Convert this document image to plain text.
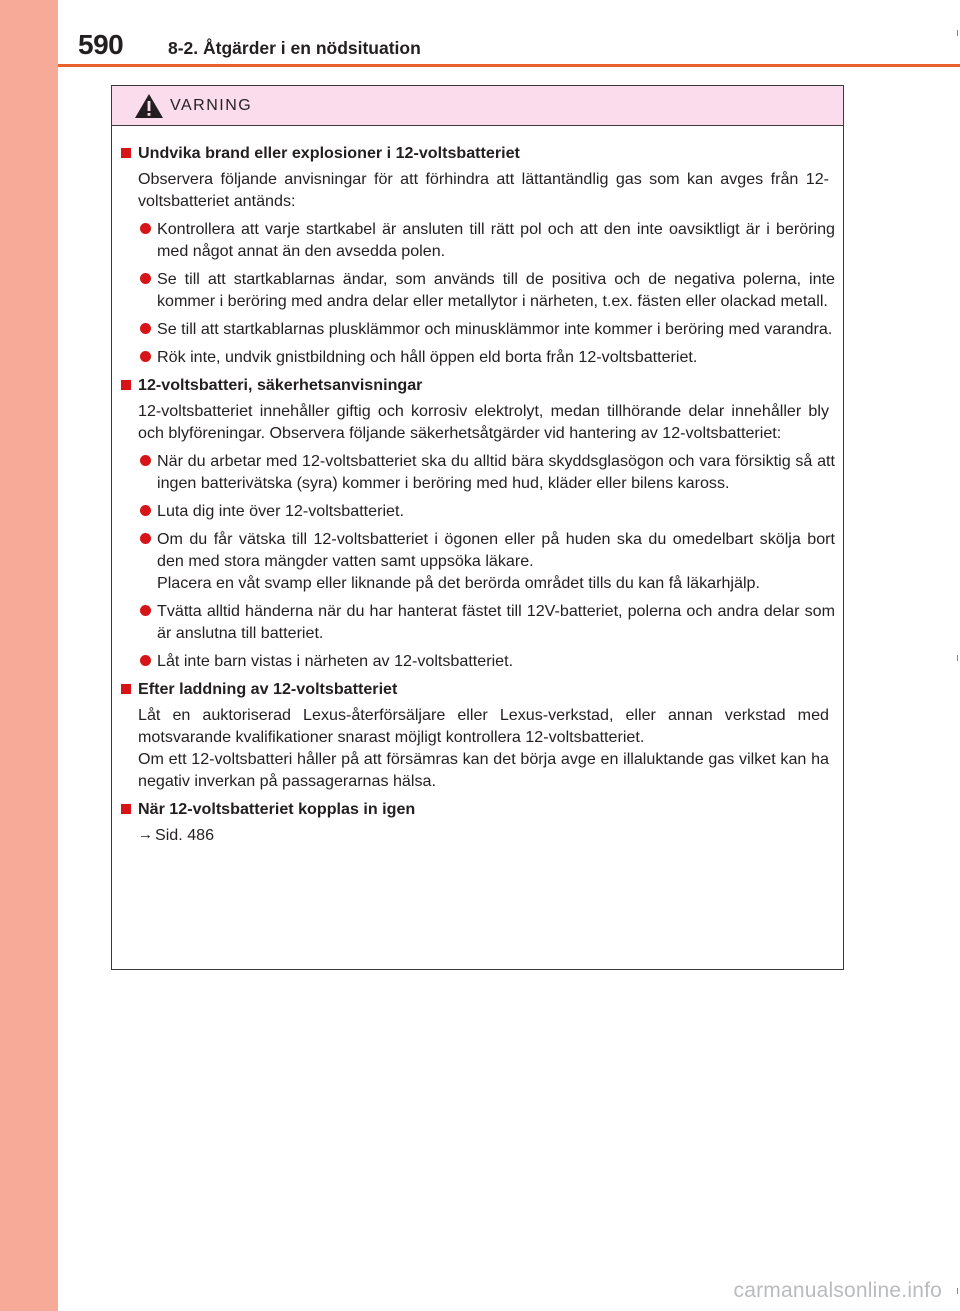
590	8-2. Åtgärder i en nödsituation
VARNING
Undvika brand eller explosioner i 12-voltsbatteriet
Observera följande anvisningar för att förhindra att lättantändlig gas som kan avges från 12-voltsbatteriet antänds:
Kontrollera att varje startkabel är ansluten till rätt pol och att den inte oavsiktligt är i beröring med något annat än den avsedda polen.
Se till att startkablarnas ändar, som används till de positiva och de negativa polerna, inte kommer i beröring med andra delar eller metallytor i närheten, t.ex. fästen eller olackad metall.
Se till att startkablarnas plusklämmor och minusklämmor inte kommer i beröring med varandra.
Rök inte, undvik gnistbildning och håll öppen eld borta från 12-voltsbatteriet.
12-voltsbatteri, säkerhetsanvisningar
12-voltsbatteriet innehåller giftig och korrosiv elektrolyt, medan tillhörande delar innehåller bly och blyföreningar. Observera följande säkerhetsåtgärder vid hantering av 12-voltsbatteriet:
När du arbetar med 12-voltsbatteriet ska du alltid bära skyddsglasögon och vara försiktig så att ingen batterivätska (syra) kommer i beröring med hud, kläder eller bilens kaross.
Luta dig inte över 12-voltsbatteriet.
Om du får vätska till 12-voltsbatteriet i ögonen eller på huden ska du omedelbart skölja bort den med stora mängder vatten samt uppsöka läkare.
Placera en våt svamp eller liknande på det berörda området tills du kan få läkarhjälp.
Tvätta alltid händerna när du har hanterat fästet till 12V-batteriet, polerna och andra delar som är anslutna till batteriet.
Låt inte barn vistas i närheten av 12-voltsbatteriet.
Efter laddning av 12-voltsbatteriet
Låt en auktoriserad Lexus-återförsäljare eller Lexus-verkstad, eller annan verkstad med motsvarande kvalifikationer snarast möjligt kontrollera 12-voltsbatteriet.
Om ett 12-voltsbatteri håller på att försämras kan det börja avge en illaluktande gas vilket kan ha negativ inverkan på passagerarnas hälsa.
När 12-voltsbatteriet kopplas in igen
→ Sid. 486
carmanualsonline.info
